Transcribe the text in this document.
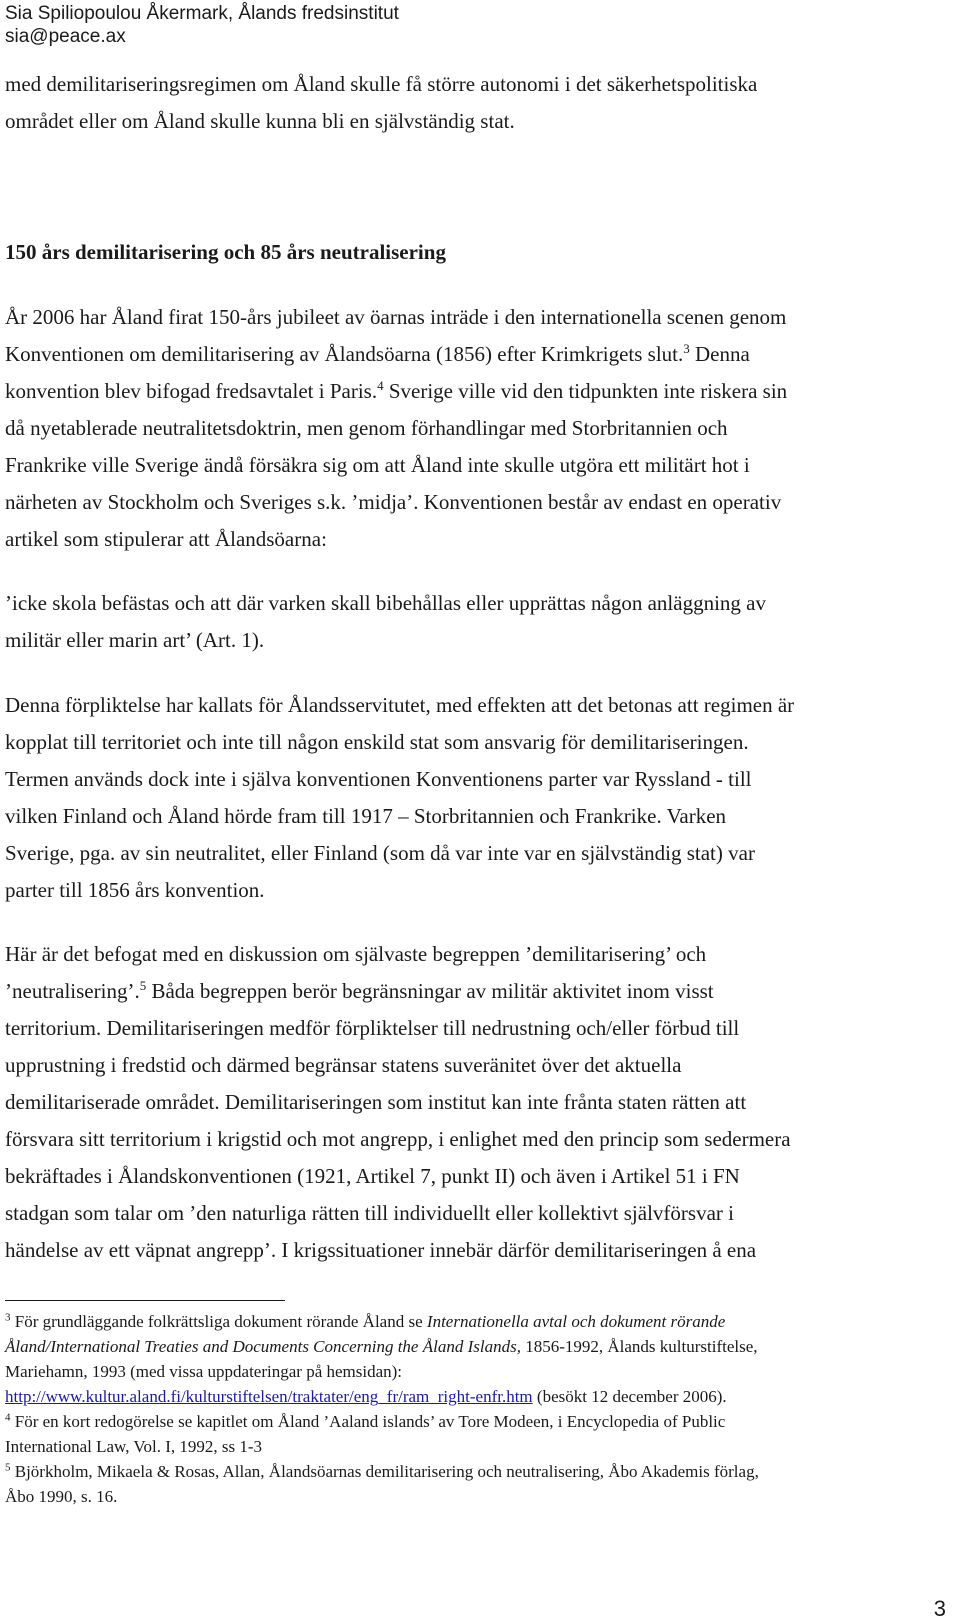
Sia Spiliopoulou Åkermark, Ålands fredsinstitut
sia@peace.ax

med demilitariseringsregimen om Åland skulle få större autonomi i det säkerhetspolitiska

området eller om Åland skulle kunna bli en självständig stat.

150 års demilitarisering och 85 års neutralisering

År 2006 har Åland firat 150-års jubileet av öarnas inträde i den internationella scenen genom

Konventionen om demilitarisering av Ålandsöarna (1856) efter Krimkrigets slut.$^3$ Denna

konvention blev bifogad fredsavtalet i Paris.$^4$ Sverige ville vid den tidpunkten inte riskera sin

då nyetablerade neutralitetsdoktrin, men genom förhandlingar med Storbritannien och

Frankrike ville Sverige ändå försäkra sig om att Åland inte skulle utgöra ett militärt hot i

närheten av Stockholm och Sveriges s.k. ’midja’. Konventionen består av endast en operativ

artikel som stipulerar att Ålandsöarna:

’icke skola befästas och att där varken skall bibehållas eller upprättas någon anläggning av

militär eller marin art’ (Art. 1).

Denna förpliktelse har kallats för Ålandsservitutet, med effekten att det betonas att regimen är

kopplat till territoriet och inte till någon enskild stat som ansvarig för demilitariseringen.

Termen används dock inte i själva konventionen Konventionens parter var Ryssland - till

vilken Finland och Åland hörde fram till 1917 – Storbritannien och Frankrike. Varken

Sverige, pga. av sin neutralitet, eller Finland (som då var inte var en självständig stat) var

parter till 1856 års konvention.

Här är det befogat med en diskussion om självaste begreppen ’demilitarisering’ och

’neutralisering’.$^5$ Båda begreppen berör begränsningar av militär aktivitet inom visst

territorium. Demilitariseringen medför förpliktelser till nedrustning och/eller förbud till

upprustning i fredstid och därmed begränsar statens suveränitet över det aktuella

demilitariserade området. Demilitariseringen som institut kan inte frånta staten rätten att

försvara sitt territorium i krigstid och mot angrepp, i enlighet med den princip som sedermera

bekräftades i Ålandskonventionen (1921, Artikel 7, punkt II) och även i Artikel 51 i FN

stadgan som talar om ’den naturliga rätten till individuellt eller kollektivt självförsvar i

händelse av ett väpnat angrepp’. I krigssituationer innebär därför demilitariseringen å ena

$^3$ För grundläggande folkrättsliga dokument rörande Åland se Internationella avtal och dokument rörande

Åland/International Treaties and Documents Concerning the Åland Islands, 1856-1992, Ålands kulturstiftelse,

Mariehamn, 1993 (med vissa uppdateringar på hemsidan):

http://www.kultur.aland.fi/kulturstiftelsen/traktater/eng_fr/ram_right-enfr.htm (besökt 12 december 2006).

$^4$ För en kort redogörelse se kapitlet om Åland ’Aaland islands’ av Tore Modeen, i Encyclopedia of Public

International Law, Vol. I, 1992, ss 1-3

$^5$ Björkholm, Mikaela & Rosas, Allan, Ålandsöarnas demilitarisering och neutralisering, Åbo Akademis förlag,

Åbo 1990, s. 16.

3
